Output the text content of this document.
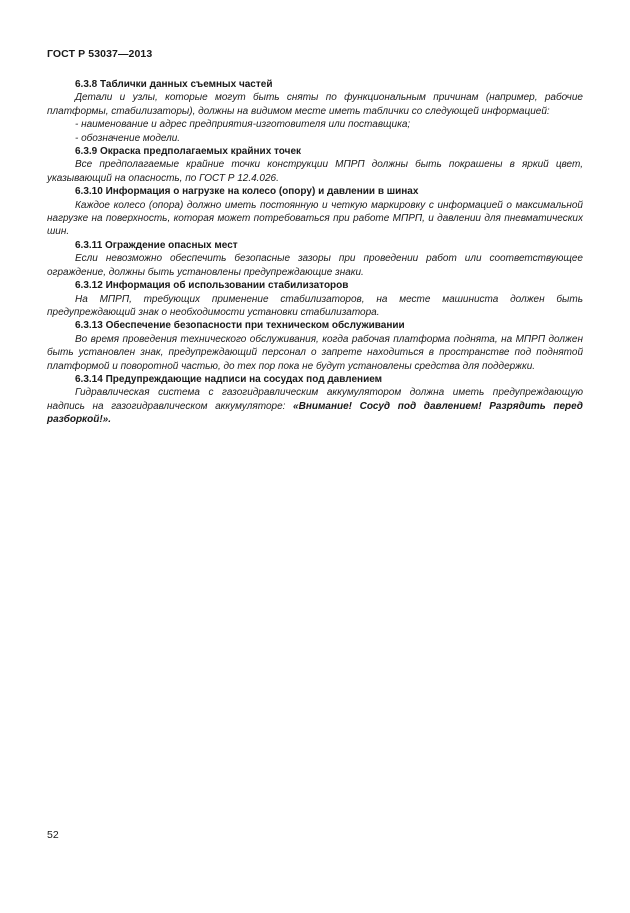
ГОСТ Р 53037—2013

6.3.8 Таблички данных съемных частей

Детали и узлы, которые могут быть сняты по функциональным причинам (например, рабочие платформы, стабилизаторы), должны на видимом месте иметь таблички со следующей информацией:

- наименование и адрес предприятия-изготовителя или поставщика;

- обозначение модели.

6.3.9 Окраска предполагаемых крайних точек

Все предполагаемые крайние точки конструкции МПРП должны быть покрашены в яркий цвет, указывающий на опасность, по ГОСТ Р 12.4.026.

6.3.10 Информация о нагрузке на колесо (опору) и давлении в шинах

Каждое колесо (опора) должно иметь постоянную и четкую маркировку с информацией о максимальной нагрузке на поверхность, которая может потребоваться при работе МПРП, и давлении для пневматических шин.

6.3.11 Ограждение опасных мест

Если невозможно обеспечить безопасные зазоры при проведении работ или соответствующее ограждение, должны быть установлены предупреждающие знаки.

6.3.12 Информация об использовании стабилизаторов

На МПРП, требующих применение стабилизаторов, на месте машиниста должен быть предупреждающий знак о необходимости установки стабилизатора.

6.3.13 Обеспечение безопасности при техническом обслуживании

Во время проведения технического обслуживания, когда рабочая платформа поднята, на МПРП должен быть установлен знак, предупреждающий персонал о запрете находиться в пространстве под поднятой платформой и поворотной частью, до тех пор пока не будут установлены средства для поддержки.

6.3.14 Предупреждающие надписи на сосудах под давлением

Гидравлическая система с газогидравлическим аккумулятором должна иметь предупреждающую надпись на газогидравлическом аккумуляторе: «Внимание! Сосуд под давлением! Разрядить перед разборкой!».

52
